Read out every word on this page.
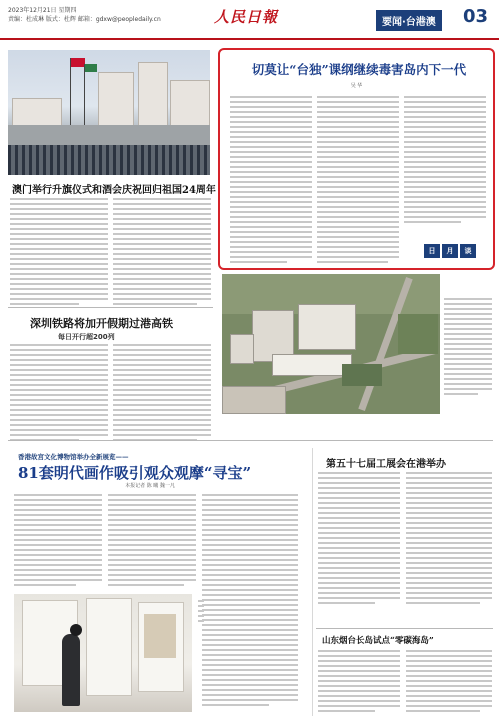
2023年12月21日 星期四
责编：杜成琳 版式：杜辉 邮箱：gdxw@peopledaily.cn	人民日報	要闻·台港澳	03
澳门举行升旗仪式和酒会庆祝回归祖国24周年
深圳铁路将加开假期过港高铁
每日开行超200列
切莫让“台独”课纲继续毒害岛内下一代
吴 华
日	月	谈
香港故宫文化博物馆举办全新展览——
81套明代画作吸引观众观摩“寻宝”
本报记者 陈 曦 魏一凡
第五十七届工展会在港举办
山东烟台长岛试点“零碳海岛”
